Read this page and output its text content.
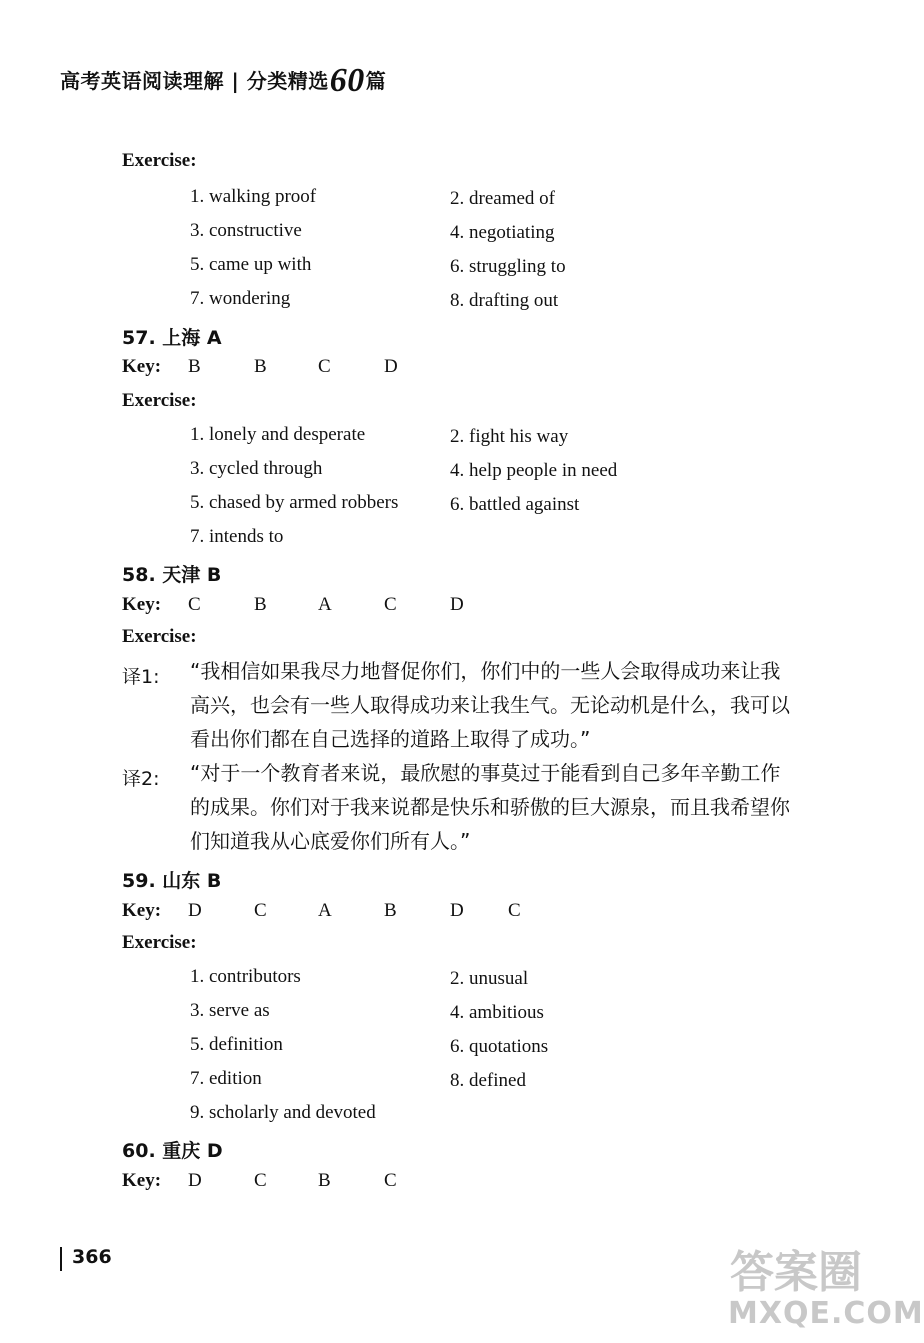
高考英语阅读理解 | 分类精选60篇
Exercise:
1. walking proof	2. dreamed of
3. constructive	4. negotiating
5. came up with	6. struggling to
7. wondering	8. drafting out
57. 上海 A
Key: B	B	C	D
Exercise:
1. lonely and desperate	2. fight his way
3. cycled through	4. help people in need
5. chased by armed robbers	6. battled against
7. intends to
58. 天津 B
Key: C	B	A	C	D
Exercise:
译1: “我相信如果我尽力地督促你们，你们中的一些人会取得成功来让我高兴，也会有一些人取得成功来让我生气。无论动机是什么，我可以看出你们都在自己选择的道路上取得了成功。”
译2: “对于一个教育者来说，最欣慰的事莫过于能看到自己多年辛勤工作的成果。你们对于我来说都是快乐和骄傲的巨大源泉，而且我希望你们知道我从心底爱你们所有人。”
59. 山东 B
Key: D	C	A	B	D C
Exercise:
1. contributors	2. unusual
3. serve as	4. ambitious
5. definition	6. quotations
7. edition	8. defined
9. scholarly and devoted
60. 重庆 D
Key: D	C	B	C
366	答案圈
MXQE.COM
